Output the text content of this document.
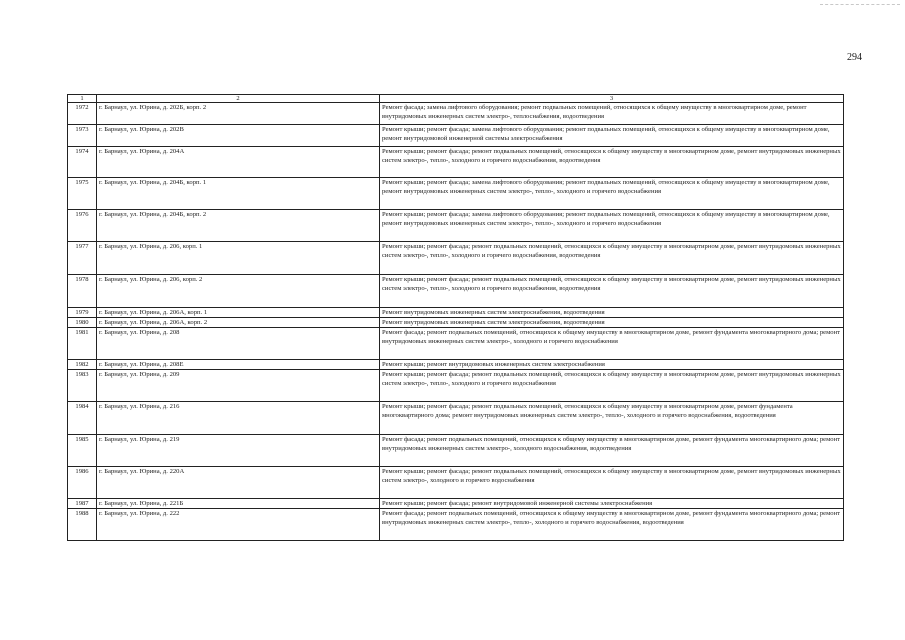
294
1	2	3
1972	г. Барнаул, ул. Юрина, д. 202Б, корп. 2	Ремонт фасада; замена лифтового оборудования; ремонт подвальных помещений, относящихся к общему имуществу в многоквартирном доме, ремонт внутридомовых инженерных систем электро-, теплоснабжения, водоотведения
1973	г. Барнаул, ул. Юрина, д. 202В	Ремонт крыши; ремонт фасада; замена лифтового оборудования; ремонт подвальных помещений, относящихся к общему имуществу в многоквартирном доме, ремонт внутридомовой инженерной системы электроснабжения
1974	г. Барнаул, ул. Юрина, д. 204А	Ремонт крыши; ремонт фасада; ремонт подвальных помещений, относящихся к общему имуществу в многоквартирном доме, ремонт внутридомовых инженерных систем электро-, тепло-, холодного и горячего водоснабжения, водоотведения
1975	г. Барнаул, ул. Юрина, д. 204Б, корп. 1	Ремонт крыши; ремонт фасада; замена лифтового оборудования; ремонт подвальных помещений, относящихся к общему имуществу в многоквартирном доме, ремонт внутридомовых инженерных систем электро-, тепло-, холодного и горячего водоснабжения
1976	г. Барнаул, ул. Юрина, д. 204Б, корп. 2	Ремонт крыши; ремонт фасада; замена лифтового оборудования; ремонт подвальных помещений, относящихся к общему имуществу в многоквартирном доме, ремонт внутридомовых инженерных систем электро-, тепло-, холодного и горячего водоснабжения
1977	г. Барнаул, ул. Юрина, д. 206, корп. 1	Ремонт крыши; ремонт фасада; ремонт подвальных помещений, относящихся к общему имуществу в многоквартирном доме, ремонт внутридомовых инженерных систем электро-, тепло-, холодного и горячего водоснабжения, водоотведения
1978	г. Барнаул, ул. Юрина, д. 206, корп. 2	Ремонт крыши; ремонт фасада; ремонт подвальных помещений, относящихся к общему имуществу в многоквартирном доме, ремонт внутридомовых инженерных систем электро-, тепло-, холодного и горячего водоснабжения, водоотведения
1979	г. Барнаул, ул. Юрина, д. 206А, корп. 1	Ремонт внутридомовых инженерных систем электроснабжения, водоотведения
1980	г. Барнаул, ул. Юрина, д. 206А, корп. 2	Ремонт внутридомовых инженерных систем электроснабжения, водоотведения
1981	г. Барнаул, ул. Юрина, д. 208	Ремонт фасада; ремонт подвальных помещений, относящихся к общему имуществу в многоквартирном доме, ремонт фундамента многоквартирного дома; ремонт внутридомовых инженерных систем электро-, холодного и горячего водоснабжения
1982	г. Барнаул, ул. Юрина, д. 208Е	Ремонт крыши; ремонт внутридомовых инженерных систем электроснабжения
1983	г. Барнаул, ул. Юрина, д. 209	Ремонт крыши; ремонт фасада; ремонт подвальных помещений, относящихся к общему имуществу в многоквартирном доме, ремонт внутридомовых инженерных систем электро-, тепло-, холодного и горячего водоснабжения
1984	г. Барнаул, ул. Юрина, д. 216	Ремонт крыши; ремонт фасада; ремонт подвальных помещений, относящихся к общему имуществу в многоквартирном доме, ремонт фундамента многоквартирного дома; ремонт внутридомовых инженерных систем электро-, тепло-, холодного и горячего водоснабжения, водоотведения
1985	г. Барнаул, ул. Юрина, д. 219	Ремонт фасада; ремонт подвальных помещений, относящихся к общему имуществу в многоквартирном доме, ремонт фундамента многоквартирного дома; ремонт внутридомовых инженерных систем электро-, холодного водоснабжения, водоотведения
1986	г. Барнаул, ул. Юрина, д. 220А	Ремонт крыши; ремонт фасада; ремонт подвальных помещений, относящихся к общему имуществу в многоквартирном доме, ремонт внутридомовых инженерных систем электро-, холодного и горячего водоснабжения
1987	г. Барнаул, ул. Юрина, д. 221Б	Ремонт крыши; ремонт фасада; ремонт внутридомовой инженерной системы электроснабжения
1988	г. Барнаул, ул. Юрина, д. 222	Ремонт фасада; ремонт подвальных помещений, относящихся к общему имуществу в многоквартирном доме, ремонт фундамента многоквартирного дома; ремонт внутридомовых инженерных систем электро-, тепло-, холодного и горячего водоснабжения, водоотведения
